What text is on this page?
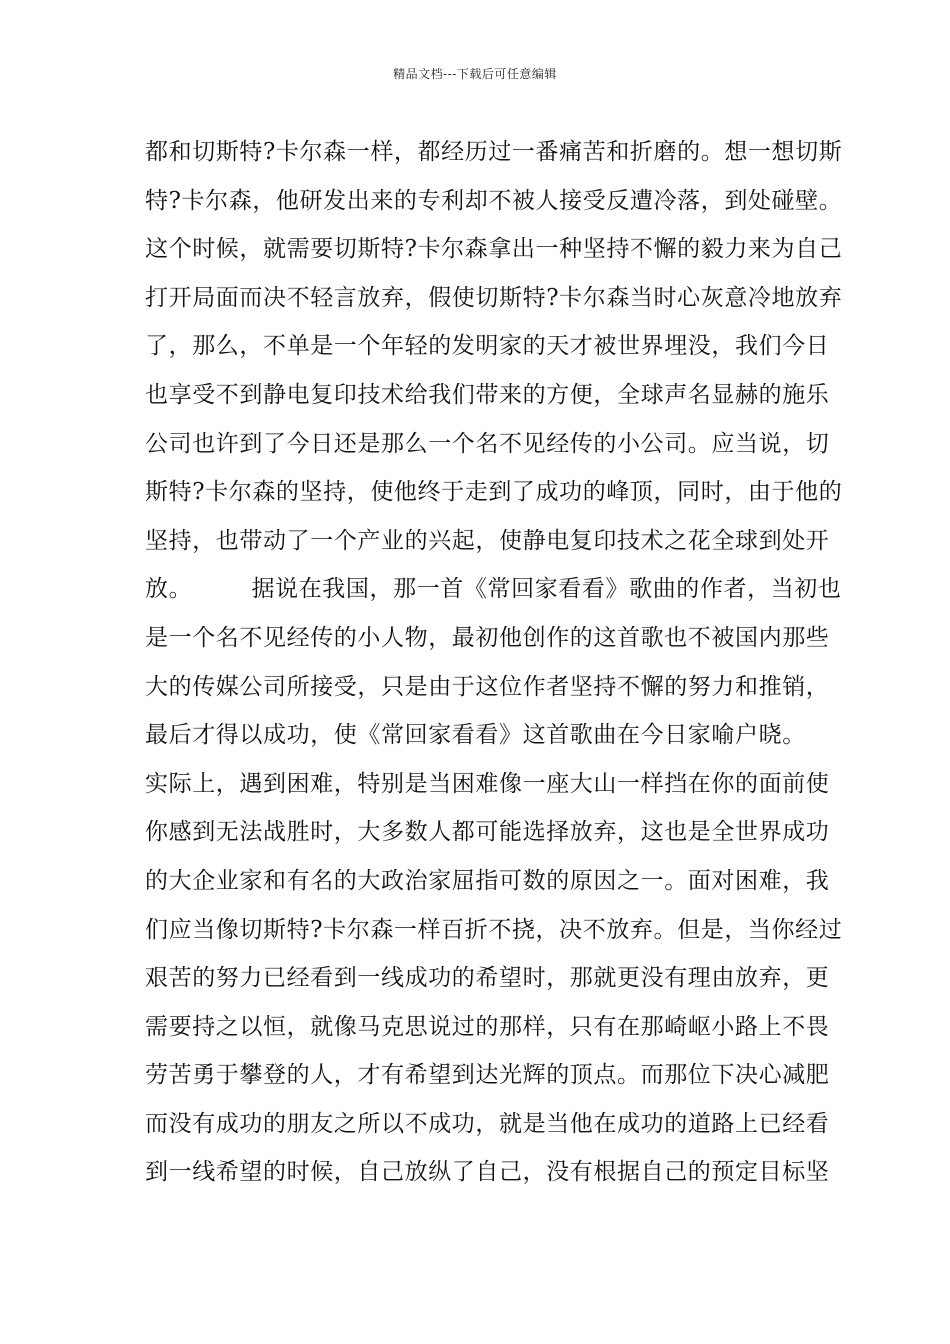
精品文档---下载后可任意编辑
都和切斯特?卡尔森一样，都经历过一番痛苦和折磨的。想一想切斯
特?卡尔森，他研发出来的专利却不被人接受反遭冷落，到处碰壁。
这个时候，就需要切斯特?卡尔森拿出一种坚持不懈的毅力来为自己
打开局面而决不轻言放弃，假使切斯特?卡尔森当时心灰意冷地放弃
了，那么，不单是一个年轻的发明家的天才被世界埋没，我们今日
也享受不到静电复印技术给我们带来的方便，全球声名显赫的施乐
公司也许到了今日还是那么一个名不见经传的小公司。应当说，切
斯特?卡尔森的坚持，使他终于走到了成功的峰顶，同时，由于他的
坚持，也带动了一个产业的兴起，使静电复印技术之花全球到处开
放。　　　据说在我国，那一首《常回家看看》歌曲的作者，当初也
是一个名不见经传的小人物，最初他创作的这首歌也不被国内那些
大的传媒公司所接受，只是由于这位作者坚持不懈的努力和推销，
最后才得以成功，使《常回家看看》这首歌曲在今日家喻户晓。
实际上，遇到困难，特别是当困难像一座大山一样挡在你的面前使
你感到无法战胜时，大多数人都可能选择放弃，这也是全世界成功
的大企业家和有名的大政治家屈指可数的原因之一。面对困难，我
们应当像切斯特?卡尔森一样百折不挠，决不放弃。但是，当你经过
艰苦的努力已经看到一线成功的希望时，那就更没有理由放弃，更
需要持之以恒，就像马克思说过的那样，只有在那崎岖小路上不畏
劳苦勇于攀登的人，才有希望到达光辉的顶点。而那位下决心减肥
而没有成功的朋友之所以不成功，就是当他在成功的道路上已经看
到一线希望的时候，自己放纵了自己，没有根据自己的预定目标坚
